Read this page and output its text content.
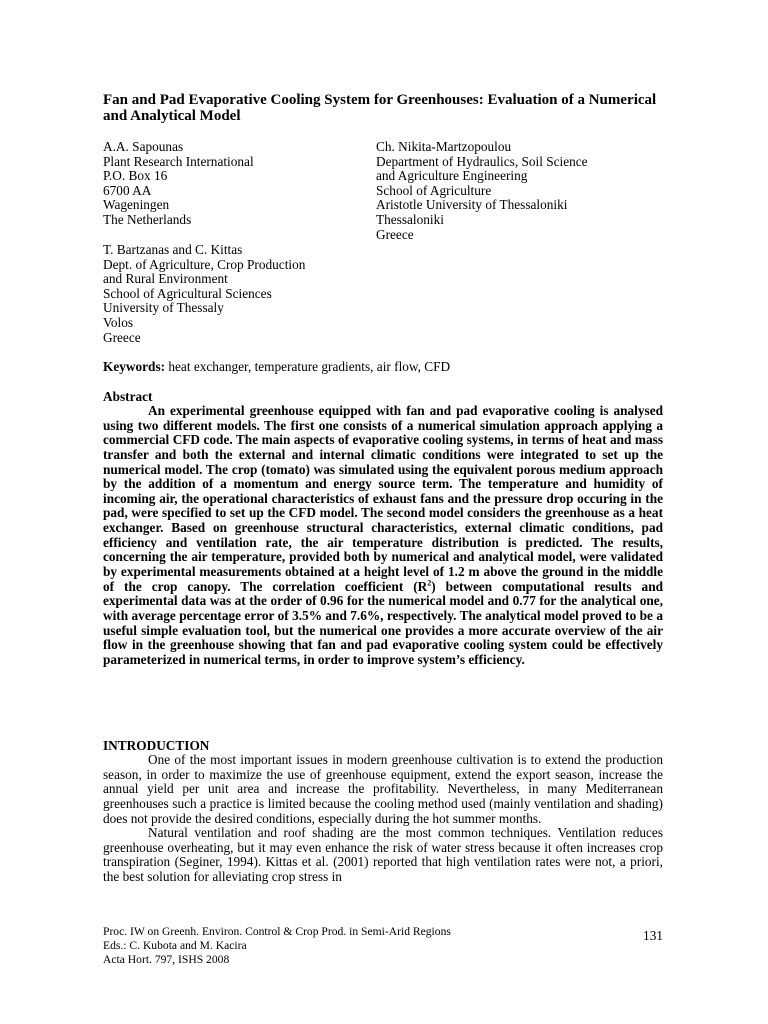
Fan and Pad Evaporative Cooling System for Greenhouses: Evaluation of a Numerical and Analytical Model
A.A. Sapounas
Plant Research International
P.O. Box 16
6700 AA
Wageningen
The Netherlands
Ch. Nikita-Martzopoulou
Department of Hydraulics, Soil Science
and Agriculture Engineering
School of Agriculture
Aristotle University of Thessaloniki
Thessaloniki
Greece
T. Bartzanas and C. Kittas
Dept. of Agriculture, Crop Production
and Rural Environment
School of Agricultural Sciences
University of Thessaly
Volos
Greece
Keywords: heat exchanger, temperature gradients, air flow, CFD
Abstract

An experimental greenhouse equipped with fan and pad evaporative cooling is analysed using two different models. The first one consists of a numerical simulation approach applying a commercial CFD code. The main aspects of evaporative cooling systems, in terms of heat and mass transfer and both the external and internal climatic conditions were integrated to set up the numerical model. The crop (tomato) was simulated using the equivalent porous medium approach by the addition of a momentum and energy source term. The temperature and humidity of incoming air, the operational characteristics of exhaust fans and the pressure drop occuring in the pad, were specified to set up the CFD model. The second model considers the greenhouse as a heat exchanger. Based on greenhouse structural characteristics, external climatic conditions, pad efficiency and ventilation rate, the air temperature distribution is predicted. The results, concerning the air temperature, provided both by numerical and analytical model, were validated by experimental measurements obtained at a height level of 1.2 m above the ground in the middle of the crop canopy. The correlation coefficient $(R^2)$ between computational results and experimental data was at the order of 0.96 for the numerical model and 0.77 for the analytical one, with average percentage error of 3.5% and 7.6%, respectively. The analytical model proved to be a useful simple evaluation tool, but the numerical one provides a more accurate overview of the air flow in the greenhouse showing that fan and pad evaporative cooling system could be effectively parameterized in numerical terms, in order to improve system’s efficiency.

INTRODUCTION

One of the most important issues in modern greenhouse cultivation is to extend the production season, in order to maximize the use of greenhouse equipment, extend the export season, increase the annual yield per unit area and increase the profitability. Nevertheless, in many Mediterranean greenhouses such a practice is limited because the cooling method used (mainly ventilation and shading) does not provide the desired conditions, especially during the hot summer months.

Natural ventilation and roof shading are the most common techniques. Ventilation reduces greenhouse overheating, but it may even enhance the risk of water stress because it often increases crop transpiration (Seginer, 1994). Kittas et al. (2001) reported that high ventilation rates were not, a priori, the best solution for alleviating crop stress in

Proc. IW on Greenh. Environ. Control & Crop Prod. in Semi-Arid Regions
Eds.: C. Kubota and M. Kacira
Acta Hort. 797, ISHS 2008
131
